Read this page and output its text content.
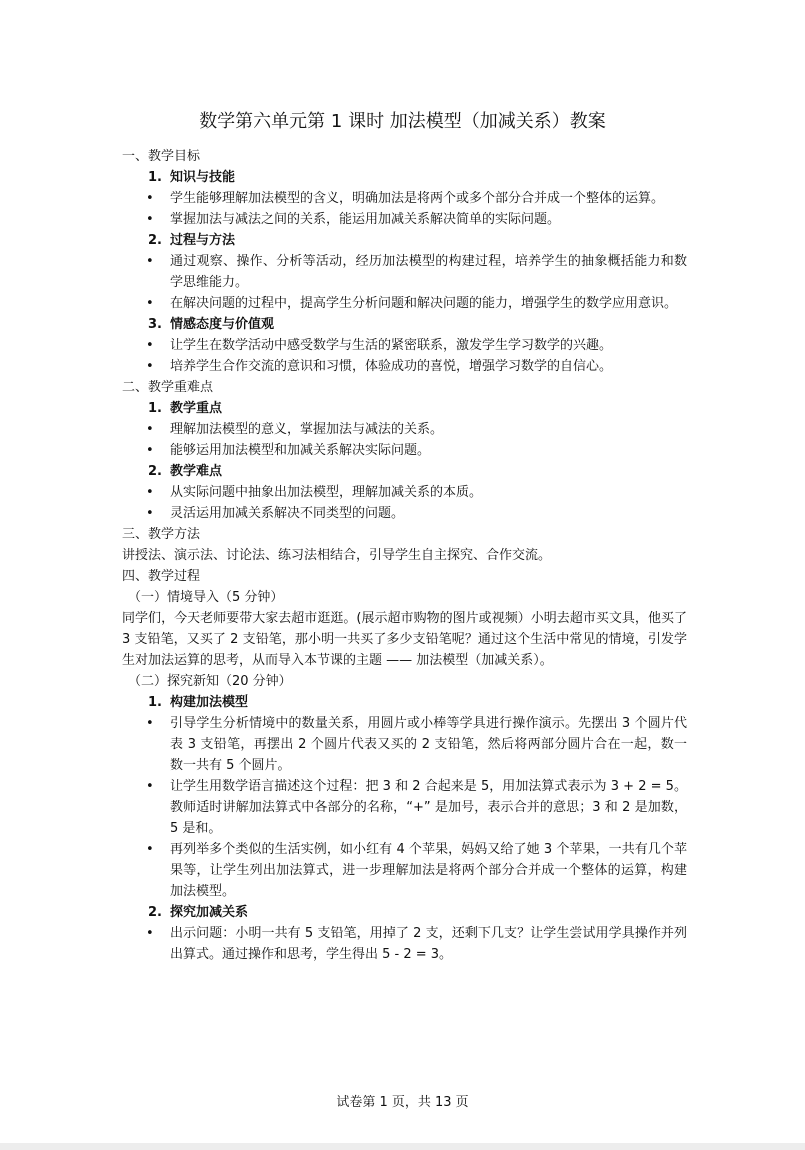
数学第六单元第 1 课时 加法模型（加减关系）教案

一、教学目标

1. 知识与技能

• 学生能够理解加法模型的含义，明确加法是将两个或多个部分合并成一个整体的运算。

• 掌握加法与减法之间的关系，能运用加减关系解决简单的实际问题。

2. 过程与方法

• 通过观察、操作、分析等活动，经历加法模型的构建过程，培养学生的抽象概括能力和数学思维能力。

• 在解决问题的过程中，提高学生分析问题和解决问题的能力，增强学生的数学应用意识。

3. 情感态度与价值观

• 让学生在数学活动中感受数学与生活的紧密联系，激发学生学习数学的兴趣。

• 培养学生合作交流的意识和习惯，体验成功的喜悦，增强学习数学的自信心。

二、教学重难点

1. 教学重点

• 理解加法模型的意义，掌握加法与减法的关系。

• 能够运用加法模型和加减关系解决实际问题。

2. 教学难点

• 从实际问题中抽象出加法模型，理解加减关系的本质。

• 灵活运用加减关系解决不同类型的问题。

三、教学方法

讲授法、演示法、讨论法、练习法相结合，引导学生自主探究、合作交流。

四、教学过程

（一）情境导入（5 分钟）

同学们，今天老师要带大家去超市逛逛。(展示超市购物的图片或视频）小明去超市买文具，他买了 3 支铅笔，又买了 2 支铅笔，那小明一共买了多少支铅笔呢？通过这个生活中常见的情境，引发学生对加法运算的思考，从而导入本节课的主题 —— 加法模型（加减关系）。

（二）探究新知（20 分钟）

1. 构建加法模型

• 引导学生分析情境中的数量关系，用圆片或小棒等学具进行操作演示。先摆出 3 个圆片代表 3 支铅笔，再摆出 2 个圆片代表又买的 2 支铅笔，然后将两部分圆片合在一起，数一数一共有 5 个圆片。

• 让学生用数学语言描述这个过程：把 3 和 2 合起来是 5，用加法算式表示为 3 + 2 = 5。教师适时讲解加法算式中各部分的名称，“+” 是加号，表示合并的意思；3 和 2 是加数，5 是和。

• 再列举多个类似的生活实例，如小红有 4 个苹果，妈妈又给了她 3 个苹果，一共有几个苹果等，让学生列出加法算式，进一步理解加法是将两个部分合并成一个整体的运算，构建加法模型。

2. 探究加减关系

• 出示问题：小明一共有 5 支铅笔，用掉了 2 支，还剩下几支？让学生尝试用学具操作并列出算式。通过操作和思考，学生得出 5 - 2 = 3。

试卷第 1 页，共 13 页
